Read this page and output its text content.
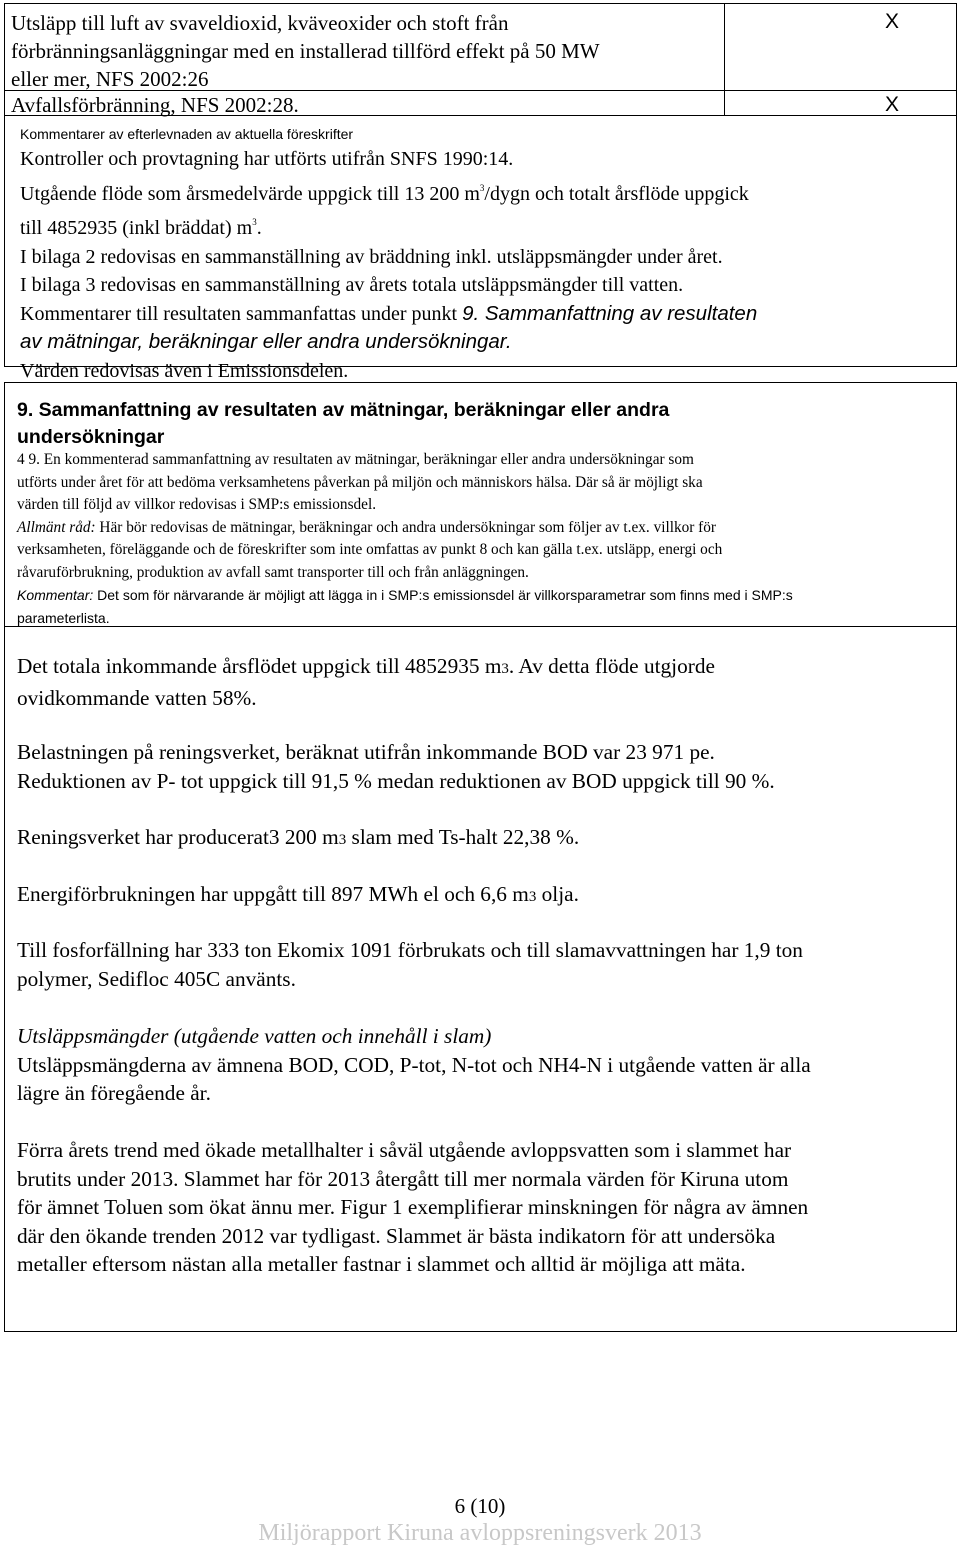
Utsläpp till luft av svaveldioxid, kväveoxider och stoft från

förbränningsanläggningar med en installerad tillförd effekt på 50 MW

eller mer, NFS 2002:26

X
Avfallsförbränning, NFS 2002:28.	X
Kommentarer av efterlevnaden av aktuella föreskrifter

Kontroller och provtagning har utförts utifrån SNFS 1990:14.

Utgående flöde som årsmedelvärde uppgick till 13 200 $m^3$/dygn och totalt årsflöde uppgick

till 4852935 (inkl bräddat) $m^3$.

I bilaga 2 redovisas en sammanställning av bräddning inkl. utsläppsmängder under året.

I bilaga 3 redovisas en sammanställning av årets totala utsläppsmängder till vatten.

Kommentarer till resultaten sammanfattas under punkt 9. Sammanfattning av resultaten

av mätningar, beräkningar eller andra undersökningar.

Värden redovisas även i Emissionsdelen.

9. Sammanfattning av resultaten av mätningar, beräkningar eller andra

undersökningar

4 9. En kommenterad sammanfattning av resultaten av mätningar, beräkningar eller andra undersökningar som

utförts under året för att bedöma verksamhetens påverkan på miljön och människors hälsa. Där så är möjligt ska

värden till följd av villkor redovisas i SMP:s emissionsdel.

Allmänt råd: Här bör redovisas de mätningar, beräkningar och andra undersökningar som följer av t.ex. villkor för

verksamheten, föreläggande och de föreskrifter som inte omfattas av punkt 8 och kan gälla t.ex. utsläpp, energi och

råvaruförbrukning, produktion av avfall samt transporter till och från anläggningen.

Kommentar: Det som för närvarande är möjligt att lägga in i SMP:s emissionsdel är villkorsparametrar som finns med i SMP:s

parameterlista.

Det totala inkommande årsflödet uppgick till 4852935 m3. Av detta flöde utgjorde

ovidkommande vatten 58%.

Belastningen på reningsverket, beräknat utifrån inkommande BOD var 23 971 pe.

Reduktionen av P- tot uppgick till 91,5 % medan reduktionen av BOD uppgick till 90 %.

Reningsverket har producerat3 200 m3 slam med Ts-halt 22,38 %.

Energiförbrukningen har uppgått till 897 MWh el och 6,6 m3 olja.

Till fosforfällning har 333 ton Ekomix 1091 förbrukats och till slamavvattningen har 1,9 ton

polymer, Sedifloc 405C använts.

Utsläppsmängder (utgående vatten och innehåll i slam)

Utsläppsmängderna av ämnena BOD, COD, P-tot, N-tot och NH4-N i utgående vatten är alla

lägre än föregående år.

Förra årets trend med ökade metallhalter i såväl utgående avloppsvatten som i slammet har

brutits under 2013. Slammet har för 2013 återgått till mer normala värden för Kiruna utom

för ämnet Toluen som ökat ännu mer. Figur 1 exemplifierar minskningen för några av ämnen

där den ökande trenden 2012 var tydligast. Slammet är bästa indikatorn för att undersöka

metaller eftersom nästan alla metaller fastnar i slammet och alltid är möjliga att mäta.

6 (10)
Miljörapport Kiruna avloppsreningsverk 2013
